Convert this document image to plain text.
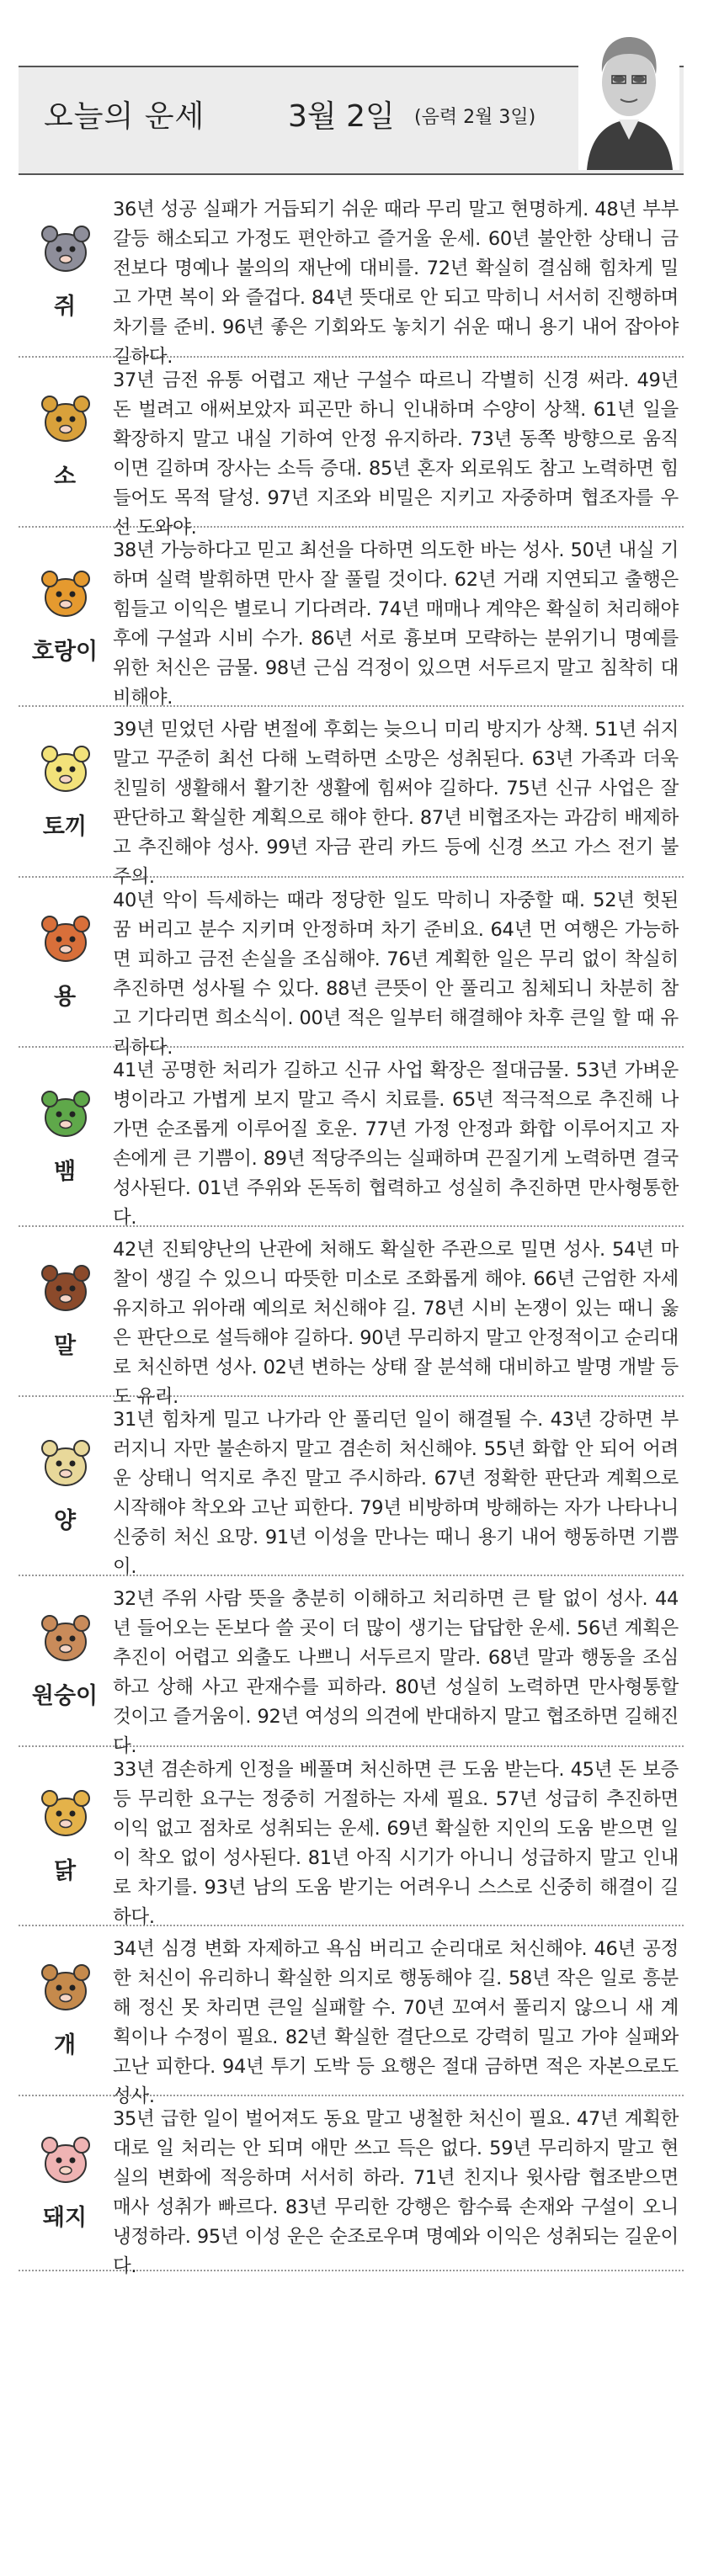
오늘의 운세	3월 2일 (음력 2월 3일)
쥐
36년 성공 실패가 거듭되기 쉬운 때라 무리 말고 현명하게. 48년 부부 갈등 해소되고 가정도 편안하고 즐거울 운세. 60년 불안한 상태니 금전보다 명예나 불의의 재난에 대비를. 72년 확실히 결심해 힘차게 밀고 가면 복이 와 즐겁다. 84년 뜻대로 안 되고 막히니 서서히 진행하며 차기를 준비. 96년 좋은 기회와도 놓치기 쉬운 때니 용기 내어 잡아야 길하다.
소
37년 금전 유통 어렵고 재난 구설수 따르니 각별히 신경 써라. 49년 돈 벌려고 애써보았자 피곤만 하니 인내하며 수양이 상책. 61년 일을 확장하지 말고 내실 기하여 안정 유지하라. 73년 동쪽 방향으로 움직이면 길하며 장사는 소득 증대. 85년 혼자 외로워도 참고 노력하면 힘들어도 목적 달성. 97년 지조와 비밀은 지키고 자중하며 협조자를 우선 도와야.
호랑이
38년 가능하다고 믿고 최선을 다하면 의도한 바는 성사. 50년 내실 기하며 실력 발휘하면 만사 잘 풀릴 것이다. 62년 거래 지연되고 출행은 힘들고 이익은 별로니 기다려라. 74년 매매나 계약은 확실히 처리해야 후에 구설과 시비 수가. 86년 서로 흉보며 모략하는 분위기니 명예를 위한 처신은 금물. 98년 근심 걱정이 있으면 서두르지 말고 침착히 대비해야.
토끼
39년 믿었던 사람 변절에 후회는 늦으니 미리 방지가 상책. 51년 쉬지 말고 꾸준히 최선 다해 노력하면 소망은 성취된다. 63년 가족과 더욱 친밀히 생활해서 활기찬 생활에 힘써야 길하다. 75년 신규 사업은 잘 판단하고 확실한 계획으로 해야 한다. 87년 비협조자는 과감히 배제하고 추진해야 성사. 99년 자금 관리 카드 등에 신경 쓰고 가스 전기 불 주의.
용
40년 악이 득세하는 때라 정당한 일도 막히니 자중할 때. 52년 헛된 꿈 버리고 분수 지키며 안정하며 차기 준비요. 64년 먼 여행은 가능하면 피하고 금전 손실을 조심해야. 76년 계획한 일은 무리 없이 착실히 추진하면 성사될 수 있다. 88년 큰뜻이 안 풀리고 침체되니 차분히 참고 기다리면 희소식이. 00년 적은 일부터 해결해야 차후 큰일 할 때 유리하다.
뱀
41년 공명한 처리가 길하고 신규 사업 확장은 절대금물. 53년 가벼운 병이라고 가볍게 보지 말고 즉시 치료를. 65년 적극적으로 추진해 나가면 순조롭게 이루어질 호운. 77년 가정 안정과 화합 이루어지고 자손에게 큰 기쁨이. 89년 적당주의는 실패하며 끈질기게 노력하면 결국 성사된다. 01년 주위와 돈독히 협력하고 성실히 추진하면 만사형통한다.
말
42년 진퇴양난의 난관에 처해도 확실한 주관으로 밀면 성사. 54년 마찰이 생길 수 있으니 따뜻한 미소로 조화롭게 해야. 66년 근엄한 자세 유지하고 위아래 예의로 처신해야 길. 78년 시비 논쟁이 있는 때니 옳은 판단으로 설득해야 길하다. 90년 무리하지 말고 안정적이고 순리대로 처신하면 성사. 02년 변하는 상태 잘 분석해 대비하고 발명 개발 등도 유리.
양
31년 힘차게 밀고 나가라 안 풀리던 일이 해결될 수. 43년 강하면 부러지니 자만 불손하지 말고 겸손히 처신해야. 55년 화합 안 되어 어려운 상태니 억지로 추진 말고 주시하라. 67년 정확한 판단과 계획으로 시작해야 착오와 고난 피한다. 79년 비방하며 방해하는 자가 나타나니 신중히 처신 요망. 91년 이성을 만나는 때니 용기 내어 행동하면 기쁨이.
원숭이
32년 주위 사람 뜻을 충분히 이해하고 처리하면 큰 탈 없이 성사. 44년 들어오는 돈보다 쓸 곳이 더 많이 생기는 답답한 운세. 56년 계획은 추진이 어렵고 외출도 나쁘니 서두르지 말라. 68년 말과 행동을 조심하고 상해 사고 관재수를 피하라. 80년 성실히 노력하면 만사형통할 것이고 즐거움이. 92년 여성의 의견에 반대하지 말고 협조하면 길해진다.
닭
33년 겸손하게 인정을 베풀며 처신하면 큰 도움 받는다. 45년 돈 보증 등 무리한 요구는 정중히 거절하는 자세 필요. 57년 성급히 추진하면 이익 없고 점차로 성취되는 운세. 69년 확실한 지인의 도움 받으면 일이 착오 없이 성사된다. 81년 아직 시기가 아니니 성급하지 말고 인내로 차기를. 93년 남의 도움 받기는 어려우니 스스로 신중히 해결이 길하다.
개
34년 심경 변화 자제하고 욕심 버리고 순리대로 처신해야. 46년 공정한 처신이 유리하니 확실한 의지로 행동해야 길. 58년 작은 일로 흥분해 정신 못 차리면 큰일 실패할 수. 70년 꼬여서 풀리지 않으니 새 계획이나 수정이 필요. 82년 확실한 결단으로 강력히 밀고 가야 실패와 고난 피한다. 94년 투기 도박 등 요행은 절대 금하면 적은 자본으로도 성사.
돼지
35년 급한 일이 벌어져도 동요 말고 냉철한 처신이 필요. 47년 계획한 대로 일 처리는 안 되며 애만 쓰고 득은 없다. 59년 무리하지 말고 현실의 변화에 적응하며 서서히 하라. 71년 친지나 윗사람 협조받으면 매사 성취가 빠르다. 83년 무리한 강행은 함수륙 손재와 구설이 오니 냉정하라. 95년 이성 운은 순조로우며 명예와 이익은 성취되는 길운이다.
